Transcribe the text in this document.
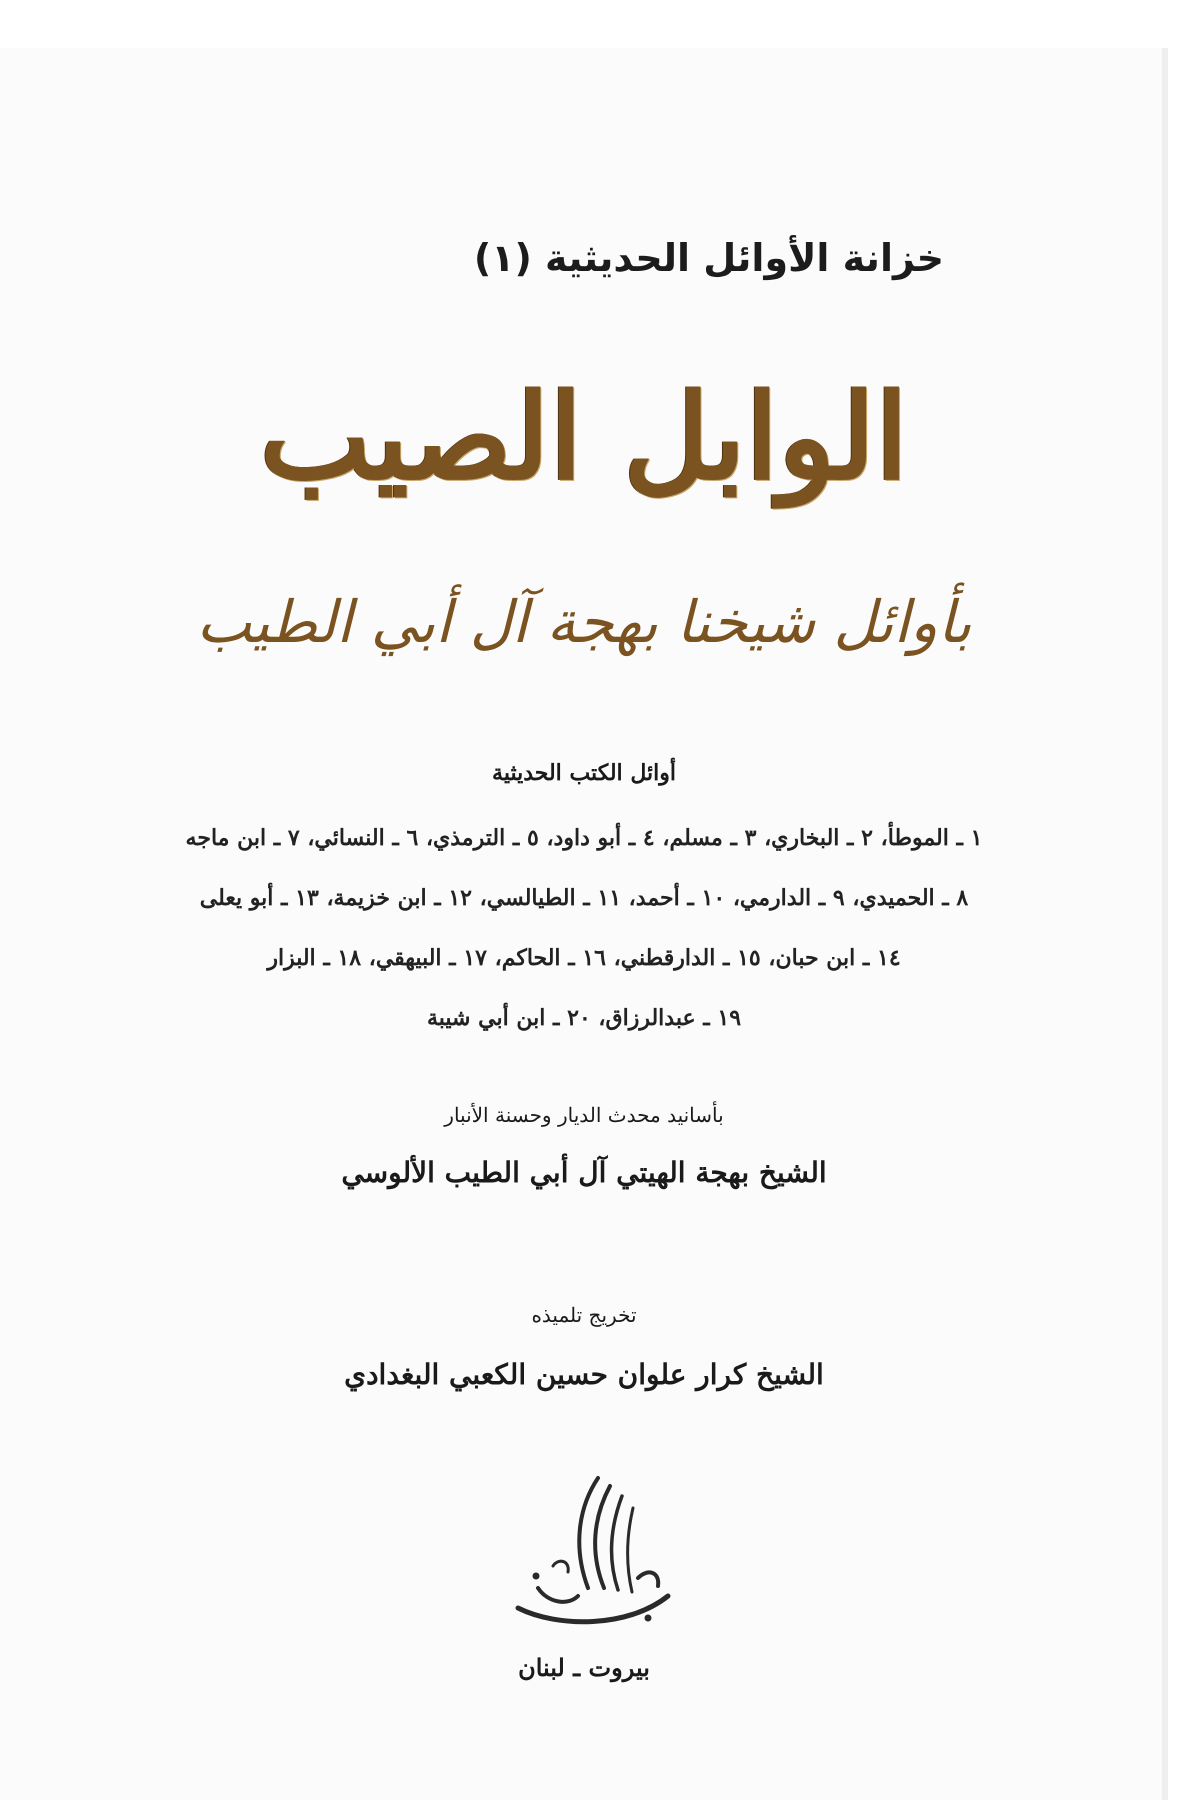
خزانة الأوائل الحديثية (١)
الوابل الصيب
بأوائل شيخنا بهجة آل أبي الطيب
أوائل الكتب الحديثية
١ ـ الموطأ، ٢ ـ البخاري، ٣ ـ مسلم، ٤ ـ أبو داود، ٥ ـ الترمذي، ٦ ـ النسائي، ٧ ـ ابن ماجه
٨ ـ الحميدي، ٩ ـ الدارمي، ١٠ ـ أحمد، ١١ ـ الطيالسي، ١٢ ـ ابن خزيمة، ١٣ ـ أبو يعلى
١٤ ـ ابن حبان، ١٥ ـ الدارقطني، ١٦ ـ الحاكم، ١٧ ـ البيهقي، ١٨ ـ البزار
١٩ ـ عبدالرزاق، ٢٠ ـ ابن أبي شيبة
بأسانيد محدث الديار وحسنة الأنبار
الشيخ بهجة الهيتي آل أبي الطيب الألوسي
تخريج تلميذه
الشيخ كرار علوان حسين الكعبي البغدادي
بيروت ـ لبنان
